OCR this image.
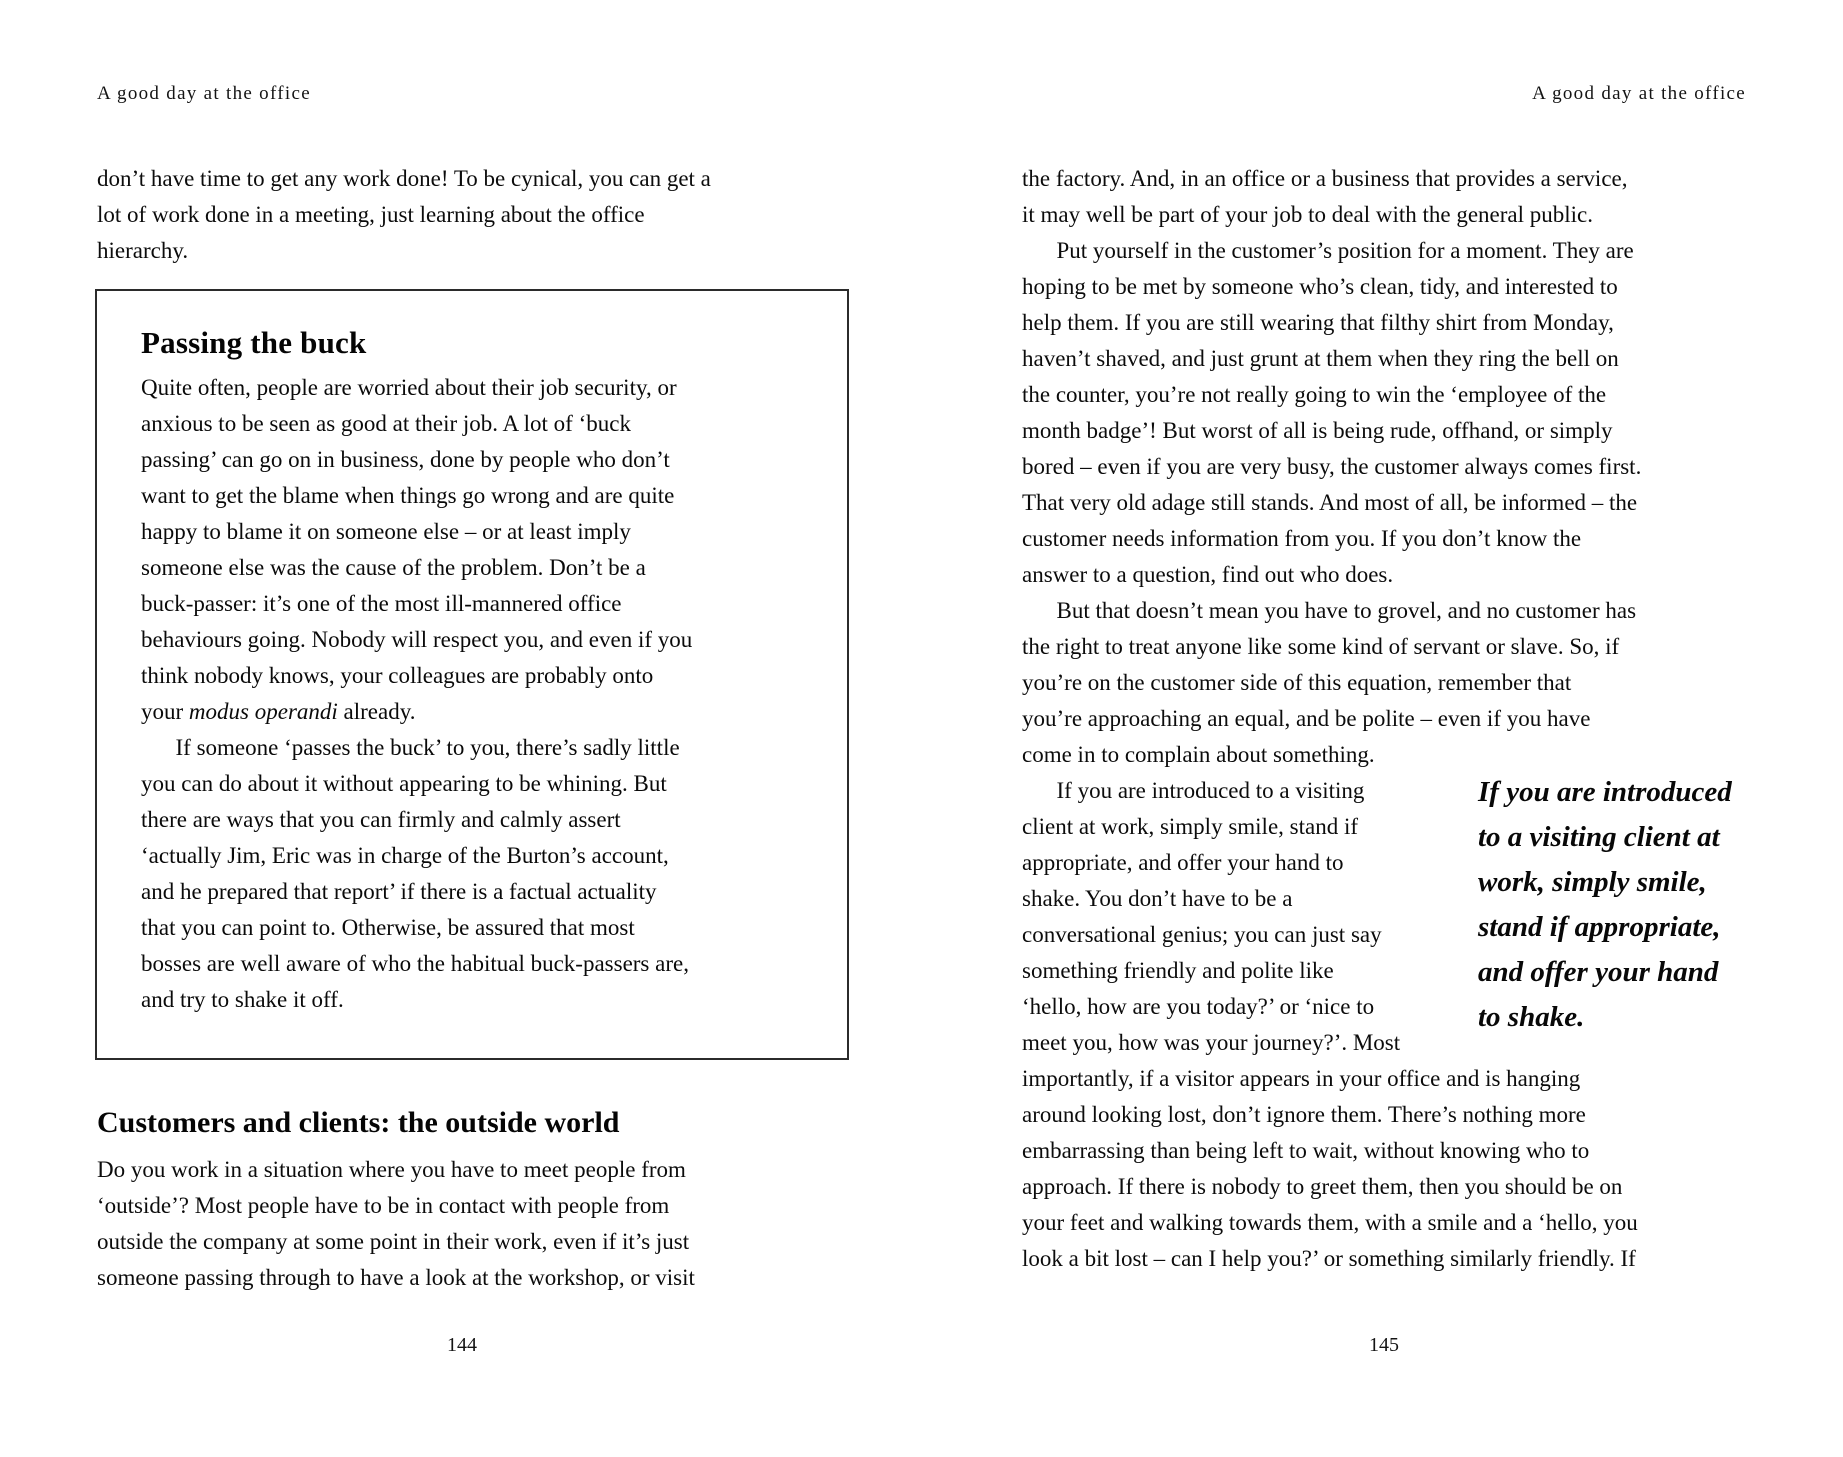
A good day at the office
don’t have time to get any work done! To be cynical, you can get a
lot of work done in a meeting, just learning about the office
hierarchy.
Passing the buck
Quite often, people are worried about their job security, or
anxious to be seen as good at their job. A lot of ‘buck
passing’ can go on in business, done by people who don’t
want to get the blame when things go wrong and are quite
happy to blame it on someone else – or at least imply
someone else was the cause of the problem. Don’t be a
buck-passer: it’s one of the most ill-mannered office
behaviours going. Nobody will respect you, and even if you
think nobody knows, your colleagues are probably onto
your modus operandi already.
If someone ‘passes the buck’ to you, there’s sadly little
you can do about it without appearing to be whining. But
there are ways that you can firmly and calmly assert
‘actually Jim, Eric was in charge of the Burton’s account,
and he prepared that report’ if there is a factual actuality
that you can point to. Otherwise, be assured that most
bosses are well aware of who the habitual buck-passers are,
and try to shake it off.
Customers and clients: the outside world
Do you work in a situation where you have to meet people from
‘outside’? Most people have to be in contact with people from
outside the company at some point in their work, even if it’s just
someone passing through to have a look at the workshop, or visit
144
A good day at the office
the factory. And, in an office or a business that provides a service,
it may well be part of your job to deal with the general public.
Put yourself in the customer’s position for a moment. They are
hoping to be met by someone who’s clean, tidy, and interested to
help them. If you are still wearing that filthy shirt from Monday,
haven’t shaved, and just grunt at them when they ring the bell on
the counter, you’re not really going to win the ‘employee of the
month badge’! But worst of all is being rude, offhand, or simply
bored – even if you are very busy, the customer always comes first.
That very old adage still stands. And most of all, be informed – the
customer needs information from you. If you don’t know the
answer to a question, find out who does.
But that doesn’t mean you have to grovel, and no customer has
the right to treat anyone like some kind of servant or slave. So, if
you’re on the customer side of this equation, remember that
you’re approaching an equal, and be polite – even if you have
come in to complain about something.
If you are introduced to a visiting
client at work, simply smile, stand if
appropriate, and offer your hand to
shake. You don’t have to be a
conversational genius; you can just say
something friendly and polite like
‘hello, how are you today?’ or ‘nice to
meet you, how was your journey?’. Most
If you are introduced
to a visiting client at
work, simply smile,
stand if appropriate,
and offer your hand
to shake.
importantly, if a visitor appears in your office and is hanging
around looking lost, don’t ignore them. There’s nothing more
embarrassing than being left to wait, without knowing who to
approach. If there is nobody to greet them, then you should be on
your feet and walking towards them, with a smile and a ‘hello, you
look a bit lost – can I help you?’ or something similarly friendly. If
145
